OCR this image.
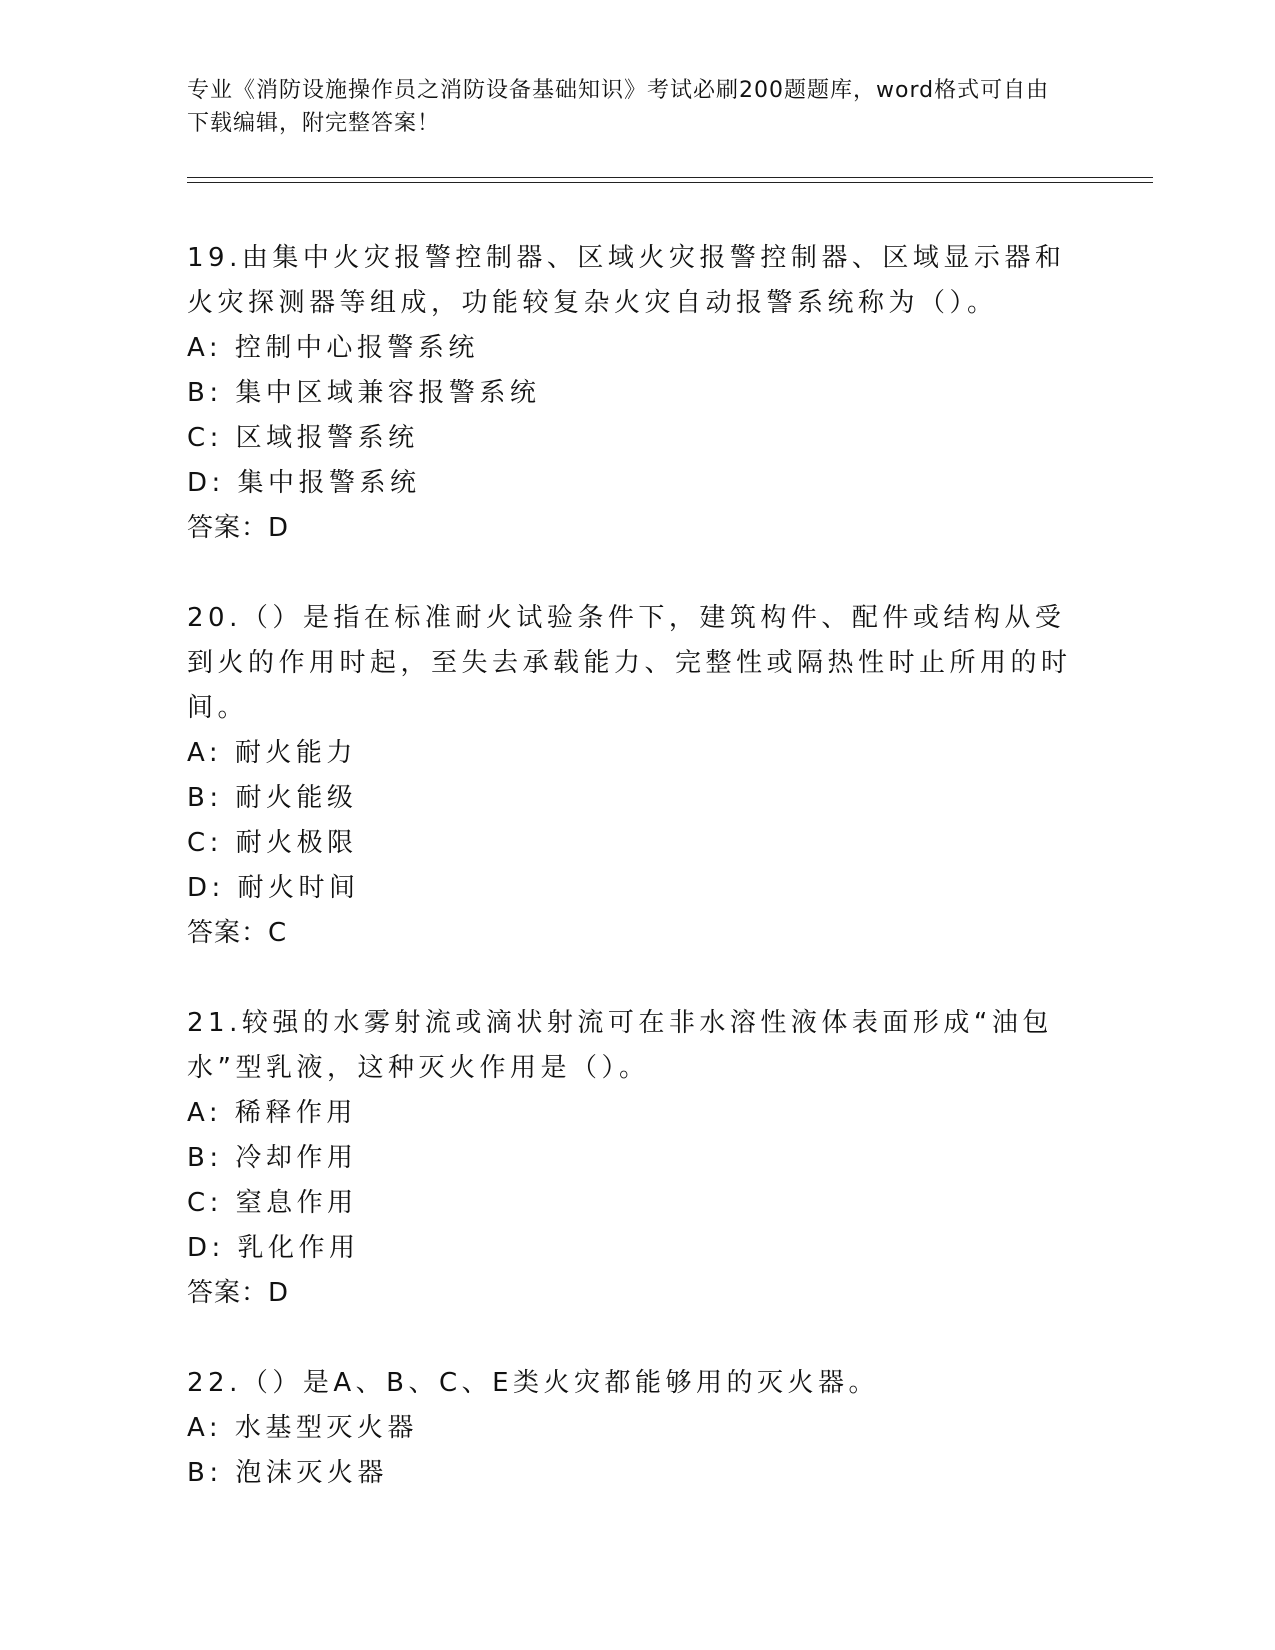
专业《消防设施操作员之消防设备基础知识》考试必刷200题题库，word格式可自由下载编辑，附完整答案！
19.由集中火灾报警控制器、区域火灾报警控制器、区域显示器和火灾探测器等组成，功能较复杂火灾自动报警系统称为（）。
A: 控制中心报警系统
B: 集中区域兼容报警系统
C: 区域报警系统
D: 集中报警系统
答案：D
20.（）是指在标准耐火试验条件下，建筑构件、配件或结构从受到火的作用时起，至失去承载能力、完整性或隔热性时止所用的时间。
A: 耐火能力
B: 耐火能级
C: 耐火极限
D: 耐火时间
答案：C
21.较强的水雾射流或滴状射流可在非水溶性液体表面形成“油包水”型乳液，这种灭火作用是（）。
A: 稀释作用
B: 冷却作用
C: 窒息作用
D: 乳化作用
答案：D
22.（）是A、B、C、E类火灾都能够用的灭火器。
A: 水基型灭火器
B: 泡沫灭火器
